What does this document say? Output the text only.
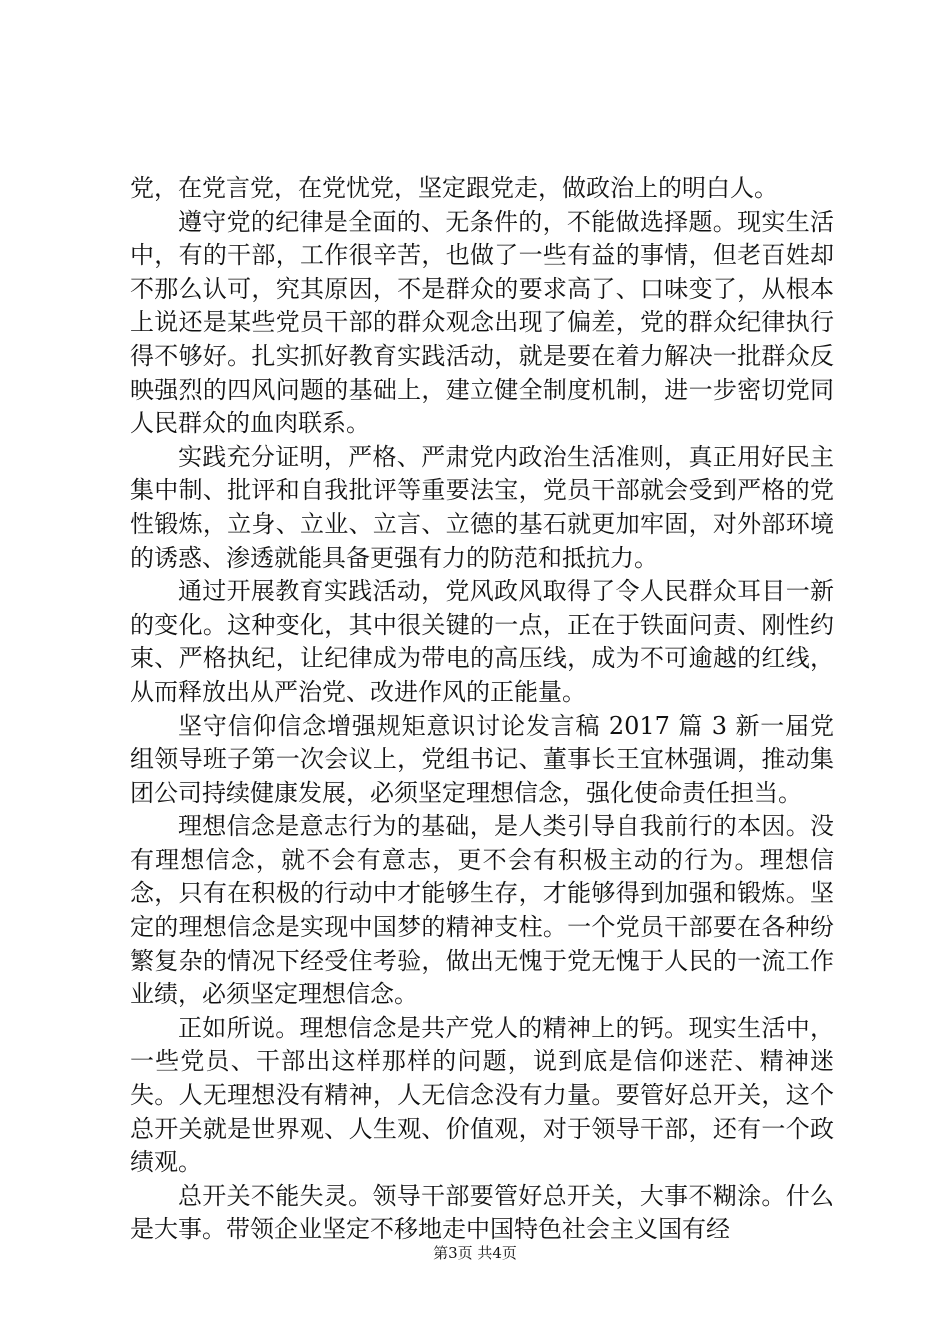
党，在党言党，在党忧党，坚定跟党走，做政治上的明白人。

遵守党的纪律是全面的、无条件的，不能做选择题。现实生活中，有的干部，工作很辛苦，也做了一些有益的事情，但老百姓却不那么认可，究其原因，不是群众的要求高了、口味变了，从根本上说还是某些党员干部的群众观念出现了偏差，党的群众纪律执行得不够好。扎实抓好教育实践活动，就是要在着力解决一批群众反映强烈的四风问题的基础上，建立健全制度机制，进一步密切党同人民群众的血肉联系。

实践充分证明，严格、严肃党内政治生活准则，真正用好民主集中制、批评和自我批评等重要法宝，党员干部就会受到严格的党性锻炼，立身、立业、立言、立德的基石就更加牢固，对外部环境的诱惑、渗透就能具备更强有力的防范和抵抗力。

通过开展教育实践活动，党风政风取得了令人民群众耳目一新的变化。这种变化，其中很关键的一点，正在于铁面问责、刚性约束、严格执纪，让纪律成为带电的高压线，成为不可逾越的红线，从而释放出从严治党、改进作风的正能量。

坚守信仰信念增强规矩意识讨论发言稿 2017 篇 3 新一届党组领导班子第一次会议上，党组书记、董事长王宜林强调，推动集团公司持续健康发展，必须坚定理想信念，强化使命责任担当。

理想信念是意志行为的基础，是人类引导自我前行的本因。没有理想信念，就不会有意志，更不会有积极主动的行为。理想信念，只有在积极的行动中才能够生存，才能够得到加强和锻炼。坚定的理想信念是实现中国梦的精神支柱。一个党员干部要在各种纷繁复杂的情况下经受住考验，做出无愧于党无愧于人民的一流工作业绩，必须坚定理想信念。

正如所说。理想信念是共产党人的精神上的钙。现实生活中，一些党员、干部出这样那样的问题，说到底是信仰迷茫、精神迷失。人无理想没有精神，人无信念没有力量。要管好总开关，这个总开关就是世界观、人生观、价值观，对于领导干部，还有一个政绩观。

总开关不能失灵。领导干部要管好总开关，大事不糊涂。什么是大事。带领企业坚定不移地走中国特色社会主义国有经

第3页 共4页
